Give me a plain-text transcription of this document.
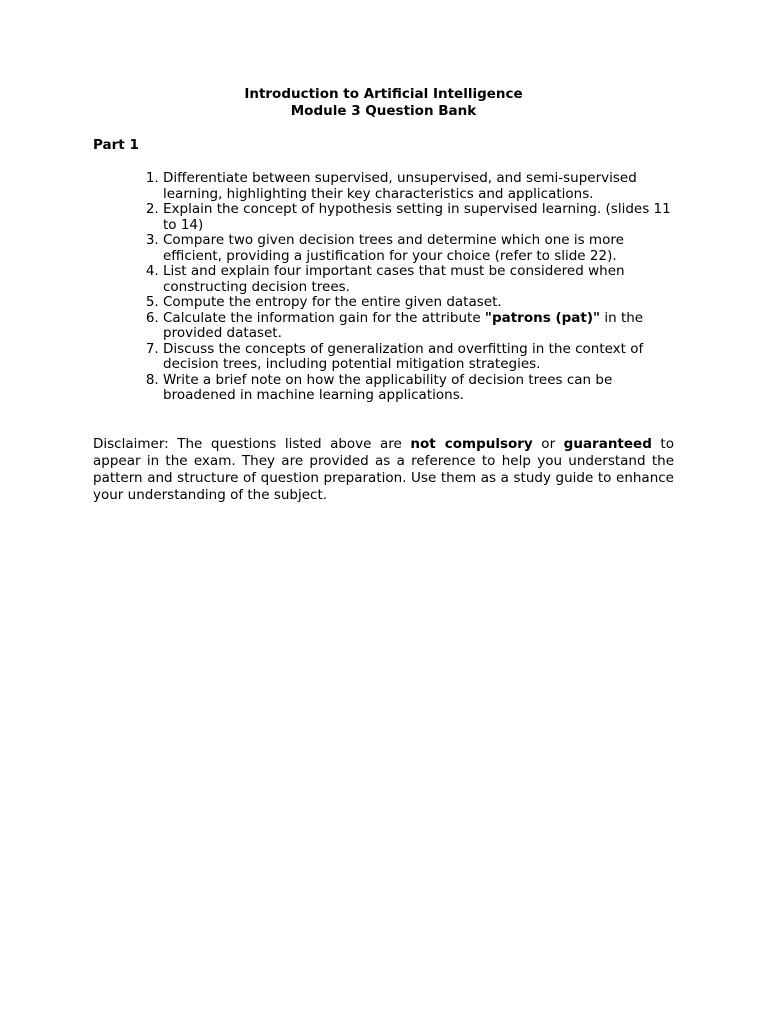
Introduction to Artificial Intelligence
Module 3 Question Bank
Part 1
1. Differentiate between supervised, unsupervised, and semi-supervised learning, highlighting their key characteristics and applications.
2. Explain the concept of hypothesis setting in supervised learning. (slides 11 to 14)
3. Compare two given decision trees and determine which one is more efficient, providing a justification for your choice (refer to slide 22).
4. List and explain four important cases that must be considered when constructing decision trees.
5. Compute the entropy for the entire given dataset.
6. Calculate the information gain for the attribute "patrons (pat)" in the provided dataset.
7. Discuss the concepts of generalization and overfitting in the context of decision trees, including potential mitigation strategies.
8. Write a brief note on how the applicability of decision trees can be broadened in machine learning applications.

Disclaimer: The questions listed above are not compulsory or guaranteed to appear in the exam. They are provided as a reference to help you understand the pattern and structure of question preparation. Use them as a study guide to enhance your understanding of the subject.
